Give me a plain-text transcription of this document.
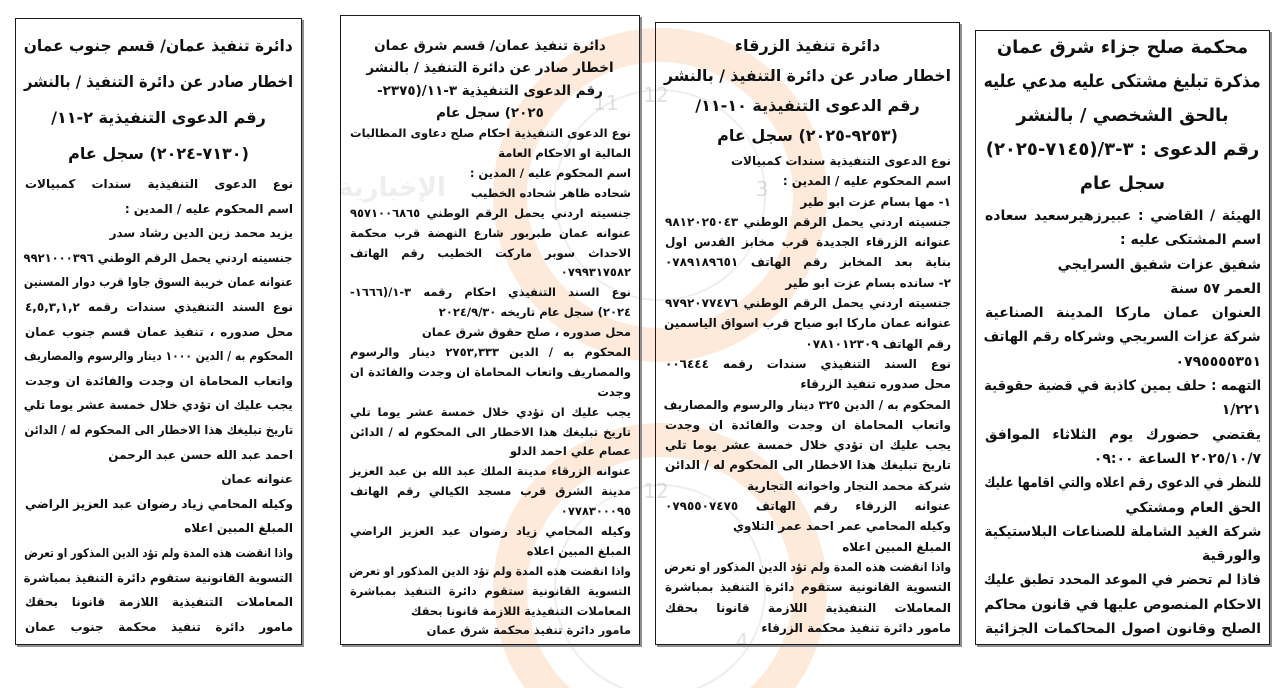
12
11
3
12
4
الإخبارية
محكمة صلح جزاء شرق عمان
مذكرة تبليغ مشتكى عليه مدعي عليه
بالحق الشخصي / بالنشر
رقم الدعوى : ٣-٣/(٧١٤٥-٢٠٢٥)
سجل عام
الهيئة / القاضي : عبيرزهيرسعيد سعاده
اسم المشتكى عليه :
شفيق عزات شفيق السرايجي
العمر ٥٧ سنة
العنوان عمان ماركا المدينة الصناعية
شركة عزات السريجي وشركاه رقم الهاتف
٠٧٩٥٥٥٥٣٥١
التهمه : حلف يمين كاذبة في قضية حقوقية
١/٢٢١
يقتضي حضورك يوم الثلاثاء الموافق
٢٠٢٥/١٠/٧ الساعة ٠٩:٠٠
للنظر في الدعوى رقم اعلاه والتي اقامها عليك
الحق العام ومشتكي
شركة الغيد الشاملة للصناعات البلاستيكية
والورقية
فاذا لم تحضر في الموعد المحدد تطبق عليك
الاحكام المنصوص عليها في قانون محاكم
الصلح وقانون اصول المحاكمات الجزائية
دائرة تنفيذ الزرقاء
اخطار صادر عن دائرة التنفيذ / بالنشر
رقم الدعوى التنفيذية ١٠-١١/
(٩٢٥٣-٢٠٢٥) سجل عام
نوع الدعوى التنفيذية سندات كمبيالات
اسم المحكوم عليه / المدين :
١- مها بسام عزت ابو طير
جنسيته اردني يحمل الرقم الوطني ٩٨١٢٠٢٥٠٤٣
عنوانه الزرقاء الجديدة قرب مخابز القدس اول
بناية بعد المخابز رقم الهاتف ٠٧٨٩١٨٩٦٥١
٢- سانده بسام عزت ابو طير
جنسيته اردني يحمل الرقم الوطني ٩٧٩٢٠٧٧٤٧٦
عنوانه عمان ماركا ابو صياح قرب اسواق الياسمين
رقم الهاتف ٠٧٨١٠١٢٣٠٩
نوع السند التنفيذي سندات رقمه ٠٠٦٤٤٤
محل صدوره تنفيذ الزرقاء
المحكوم به / الدين ٣٢٥ دينار والرسوم والمصاريف
واتعاب المحاماة ان وجدت والفائدة ان وجدت
يجب عليك ان تؤدي خلال خمسة عشر يوما تلي
تاريخ تبليغك هذا الاخطار الى المحكوم له / الدائن
شركة محمد النجار واخوانه التجارية
عنوانه الزرقاء رقم الهاتف ٠٧٩٥٥٠٧٤٧٥
وكيله المحامي عمر احمد عمر التلاوي
المبلغ المبين اعلاه
واذا انقضت هذه المدة ولم تؤد الدين المذكور او تعرض
التسوية القانونية ستقوم دائرة التنفيذ بمباشرة
المعاملات التنفيذية اللازمة قانونا بحقك
مامور دائرة تنفيذ محكمة الزرقاء
دائرة تنفيذ عمان/ قسم شرق عمان
اخطار صادر عن دائرة التنفيذ / بالنشر
رقم الدعوى التنفيذية ٣-١١/(٢٣٧٥-
٢٠٢٥) سجل عام
نوع الدعوى التنفيذية احكام صلح دعاوى المطالبات
المالية او الاحكام العامة
اسم المحكوم عليه / المدين :
شحاده ظاهر شحاده الخطيب
جنسيته اردني يحمل الرقم الوطني ٩٥٧١٠٠٦٨٦٥
عنوانه عمان طبربور شارع النهضة قرب محكمة
الاحداث سوبر ماركت الخطيب رقم الهاتف
٠٧٩٩٣١٧٥٨٢
نوع السند التنفيذي احكام رقمه ٣-١/(١٦٦٦-
٢٠٢٤) سجل عام تاريخه ٢٠٢٤/٩/٣٠
محل صدوره ، صلح حقوق شرق عمان
المحكوم به / الدين ٢٧٥٣,٣٣٣ دينار والرسوم
والمصاريف واتعاب المحاماة ان وجدت والفائدة ان
وجدت
يجب عليك ان تؤدي خلال خمسة عشر يوما تلي
تاريخ تبليغك هذا الاخطار الى المحكوم له / الدائن
عصام علي احمد الدلو
عنوانه الزرقاء مدينة الملك عبد الله بن عبد العزيز
مدينة الشرق قرب مسجد الكيالي رقم الهاتف
٠٧٧٨٣٠٠٠٩٥
وكيله المحامي زياد رضوان عبد العزيز الراضي
المبلغ المبين اعلاه
واذا انقضت هذه المدة ولم تؤد الدين المذكور او تعرض
التسوية القانونية ستقوم دائرة التنفيذ بمباشرة
المعاملات التنفيذية اللازمة قانونا بحقك
مامور دائرة تنفيذ محكمة شرق عمان
دائرة تنفيذ عمان/ قسم جنوب عمان
اخطار صادر عن دائرة التنفيذ / بالنشر
رقم الدعوى التنفيذية ٢-١١/
(٧١٣٠-٢٠٢٤) سجل عام
نوع الدعوى التنفيذية سندات كمبيالات
اسم المحكوم عليه / المدين :
يزيد محمد زين الدين رشاد سدر
جنسيته اردني يحمل الرقم الوطني ٩٩٢١٠٠٠٣٩٦
عنوانه عمان خريبة السوق جاوا قرب دوار المسنين
نوع السند التنفيذي سندات رقمه ٤,٥,٣,١,٢
محل صدوره ، تنفيذ عمان قسم جنوب عمان
المحكوم به / الدين ١٠٠٠ دينار والرسوم والمصاريف
واتعاب المحاماة ان وجدت والفائدة ان وجدت
يجب عليك ان تؤدي خلال خمسة عشر يوما تلي
تاريخ تبليغك هذا الاخطار الى المحكوم له / الدائن
احمد عبد الله حسن عبد الرحمن
عنوانه عمان
وكيله المحامي زياد رضوان عبد العزيز الراضي
المبلغ المبين اعلاه
واذا انقضت هذه المدة ولم تؤد الدين المذكور او تعرض
التسوية القانونية ستقوم دائرة التنفيذ بمباشرة
المعاملات التنفيذية اللازمة قانونا بحقك
مامور دائرة تنفيذ محكمة جنوب عمان
